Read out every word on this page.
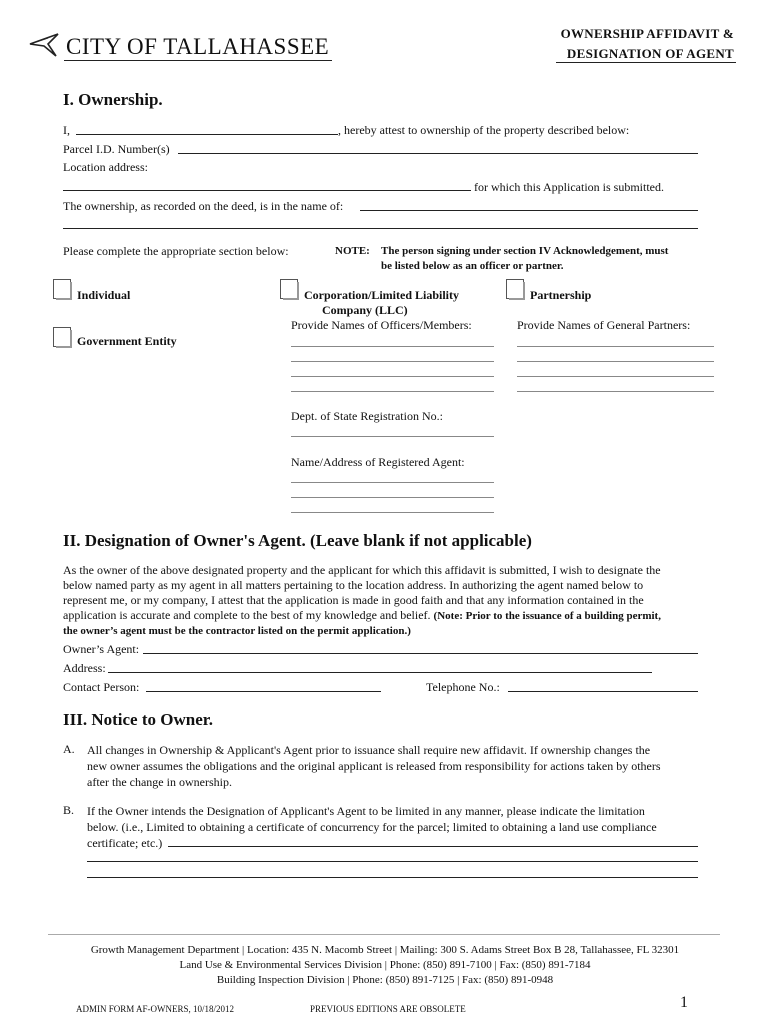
CITY OF TALLAHASSEE
OWNERSHIP AFFIDAVIT &
DESIGNATION OF AGENT
I. Ownership.
I,	, hereby attest to ownership of the property described below:
Parcel I.D. Number(s)
Location address:
for which this Application is submitted.
The ownership, as recorded on the deed, is in the name of:
Please complete the appropriate section below:	NOTE: The person signing under section IV Acknowledgement, must
be listed below as an officer or partner.
Individual
Government Entity
Corporation/Limited Liability
Company (LLC)
Partnership
Provide Names of Officers/Members:	Provide Names of General Partners:
Dept. of State Registration No.:
Name/Address of Registered Agent:
II. Designation of Owner's Agent. (Leave blank if not applicable)
As the owner of the above designated property and the applicant for which this affidavit is submitted, I wish to designate the
below named party as my agent in all matters pertaining to the location address. In authorizing the agent named below to
represent me, or my company, I attest that the application is made in good faith and that any information contained in the
application is accurate and complete to the best of my knowledge and belief. (Note: Prior to the issuance of a building permit,
the owner’s agent must be the contractor listed on the permit application.)
Owner’s Agent:
Address:
Contact Person:	Telephone No.:
III. Notice to Owner.
A. All changes in Ownership & Applicant's Agent prior to issuance shall require new affidavit. If ownership changes the
new owner assumes the obligations and the original applicant is released from responsibility for actions taken by others
after the change in ownership.
B. If the Owner intends the Designation of Applicant's Agent to be limited in any manner, please indicate the limitation
below. (i.e., Limited to obtaining a certificate of concurrency for the parcel; limited to obtaining a land use compliance
certificate; etc.)
Growth Management Department | Location: 435 N. Macomb Street | Mailing: 300 S. Adams Street Box B 28, Tallahassee, FL 32301
Land Use & Environmental Services Division | Phone: (850) 891-7100 | Fax: (850) 891-7184
Building Inspection Division | Phone: (850) 891-7125 | Fax: (850) 891-0948
ADMIN FORM AF-OWNERS, 10/18/2012	PREVIOUS EDITIONS ARE OBSOLETE	1
